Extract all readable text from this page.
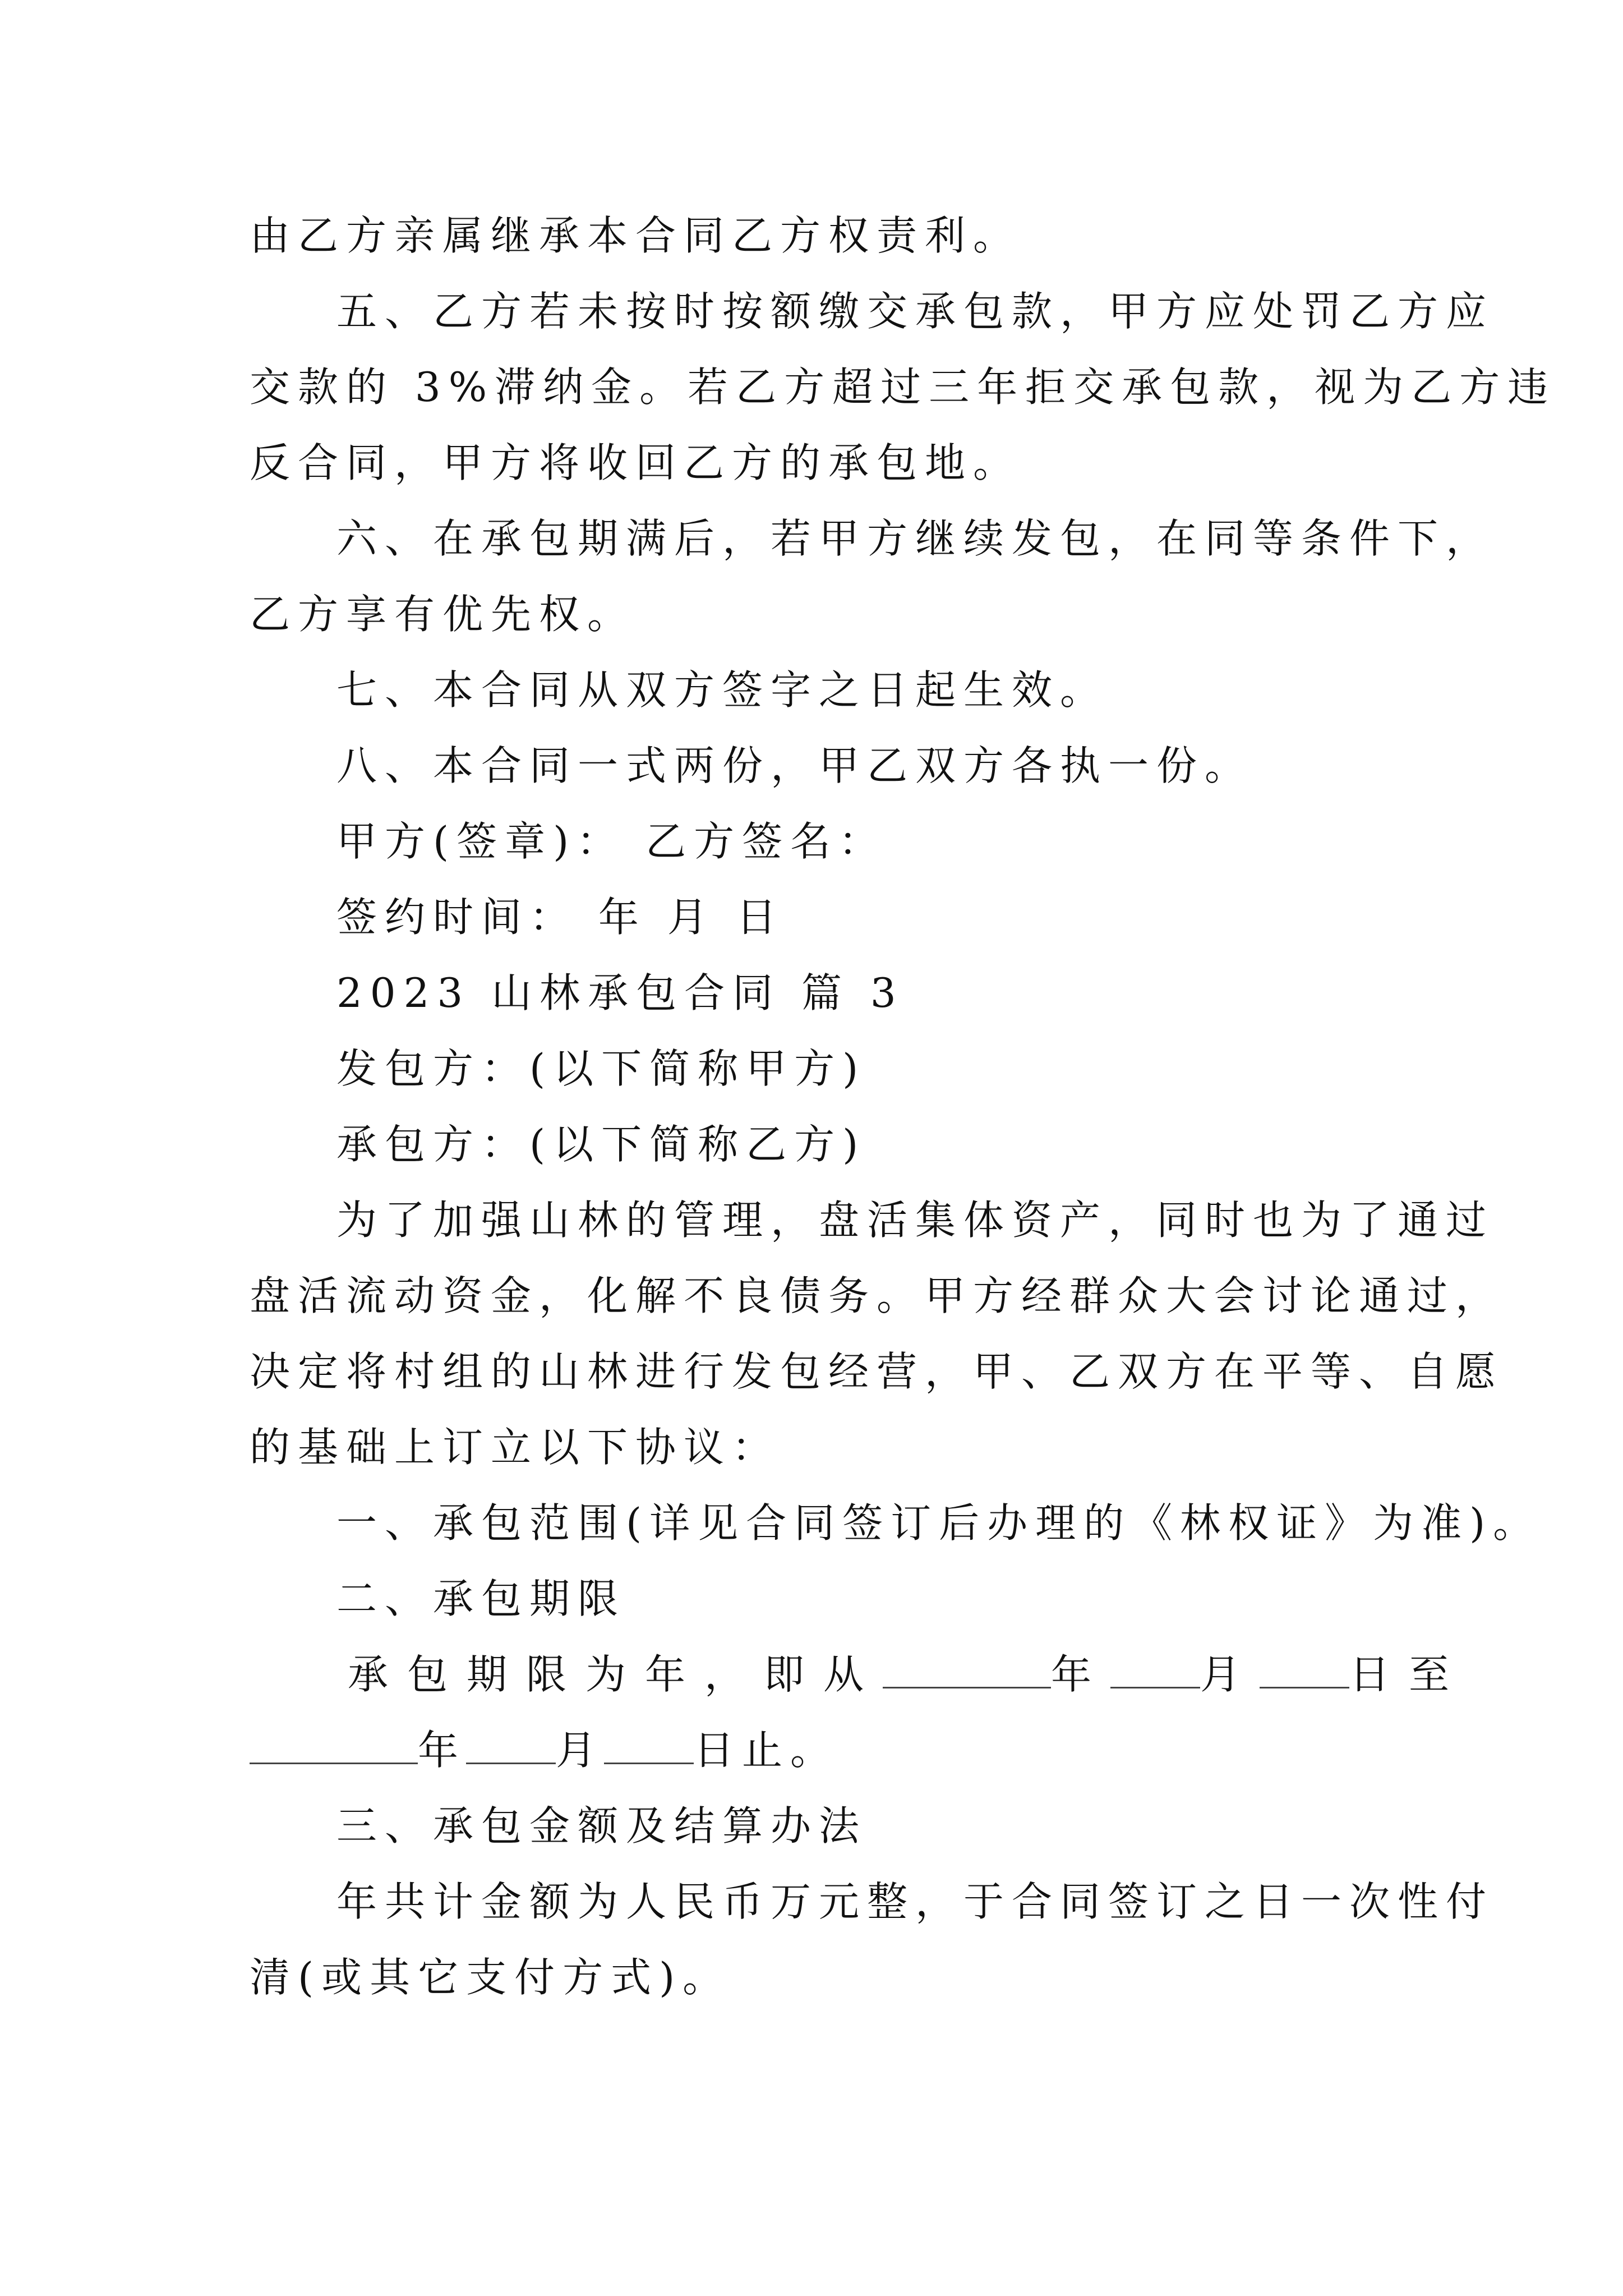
由乙方亲属继承本合同乙方权责利。
五、乙方若未按时按额缴交承包款，甲方应处罚乙方应
交款的 3%滞纳金。若乙方超过三年拒交承包款，视为乙方违
反合同，甲方将收回乙方的承包地。
六、在承包期满后，若甲方继续发包，在同等条件下，
乙方享有优先权。
七、本合同从双方签字之日起生效。
八、本合同一式两份，甲乙双方各执一份。
甲方(签章)： 乙方签名：
签约时间： 年 月 日
2023 山林承包合同 篇 3
发包方：(以下简称甲方)
承包方：(以下简称乙方)
为了加强山林的管理，盘活集体资产，同时也为了通过
盘活流动资金，化解不良债务。甲方经群众大会讨论通过，
决定将村组的山林进行发包经营，甲、乙双方在平等、自愿
的基础上订立以下协议：
一、承包范围(详见合同签订后办理的《林权证》为准)。
二、承包期限
承包期限为年，即从	年 月 日至
年 月 日止。
三、承包金额及结算办法
年共计金额为人民币万元整，于合同签订之日一次性付
清(或其它支付方式)。
